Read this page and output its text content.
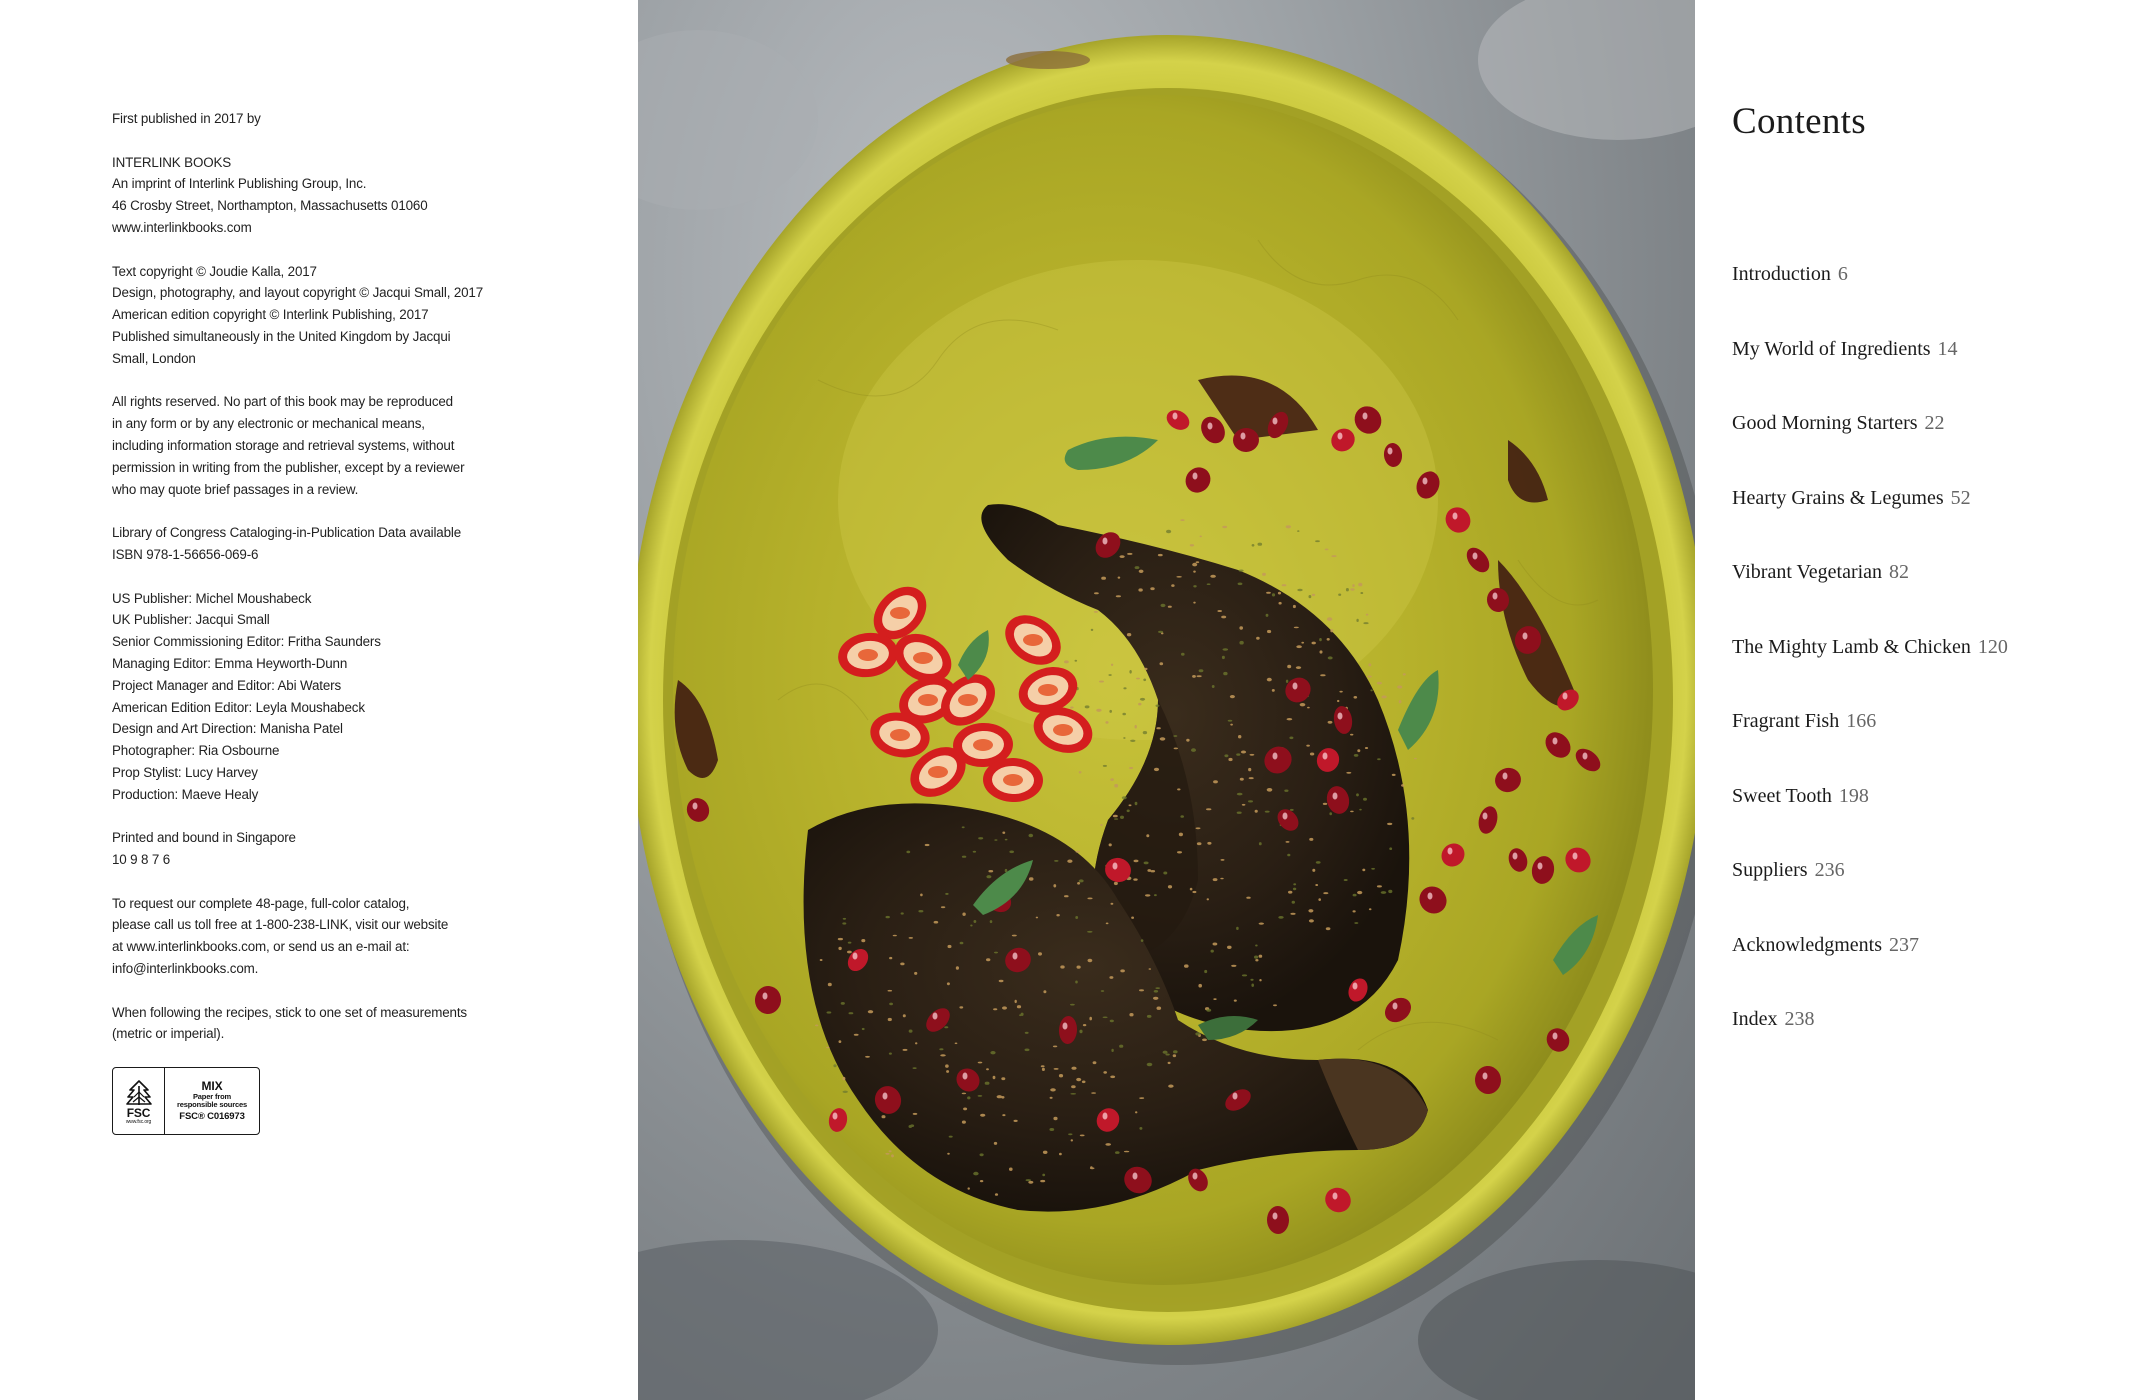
First published in 2017 by

INTERLINK BOOKS
An imprint of Interlink Publishing Group, Inc.
46 Crosby Street, Northampton, Massachusetts 01060
www.interlinkbooks.com

Text copyright © Joudie Kalla, 2017
Design, photography, and layout copyright © Jacqui Small, 2017
American edition copyright © Interlink Publishing, 2017
Published simultaneously in the United Kingdom by Jacqui
Small, London

All rights reserved. No part of this book may be reproduced
in any form or by any electronic or mechanical means,
including information storage and retrieval systems, without
permission in writing from the publisher, except by a reviewer
who may quote brief passages in a review.

Library of Congress Cataloging-in-Publication Data available
ISBN 978-1-56656-069-6

US Publisher: Michel Moushabeck
UK Publisher: Jacqui Small
Senior Commissioning Editor: Fritha Saunders
Managing Editor: Emma Heyworth-Dunn
Project Manager and Editor: Abi Waters
American Edition Editor: Leyla Moushabeck
Design and Art Direction: Manisha Patel
Photographer: Ria Osbourne
Prop Stylist: Lucy Harvey
Production: Maeve Healy

Printed and bound in Singapore
10 9 8 7 6

To request our complete 48-page, full-color catalog,
please call us toll free at 1-800-238-LINK, visit our website
at www.interlinkbooks.com, or send us an e-mail at:
info@interlinkbooks.com.

When following the recipes, stick to one set of measurements
(metric or imperial).

FSC
www.fsc.org
MIX
Paper from responsible sources
FSC® C016973
Contents
Introduction 6
My World of Ingredients 14
Good Morning Starters 22
Hearty Grains & Legumes 52
Vibrant Vegetarian 82
The Mighty Lamb & Chicken 120
Fragrant Fish 166
Sweet Tooth 198
Suppliers 236
Acknowledgments 237
Index 238
